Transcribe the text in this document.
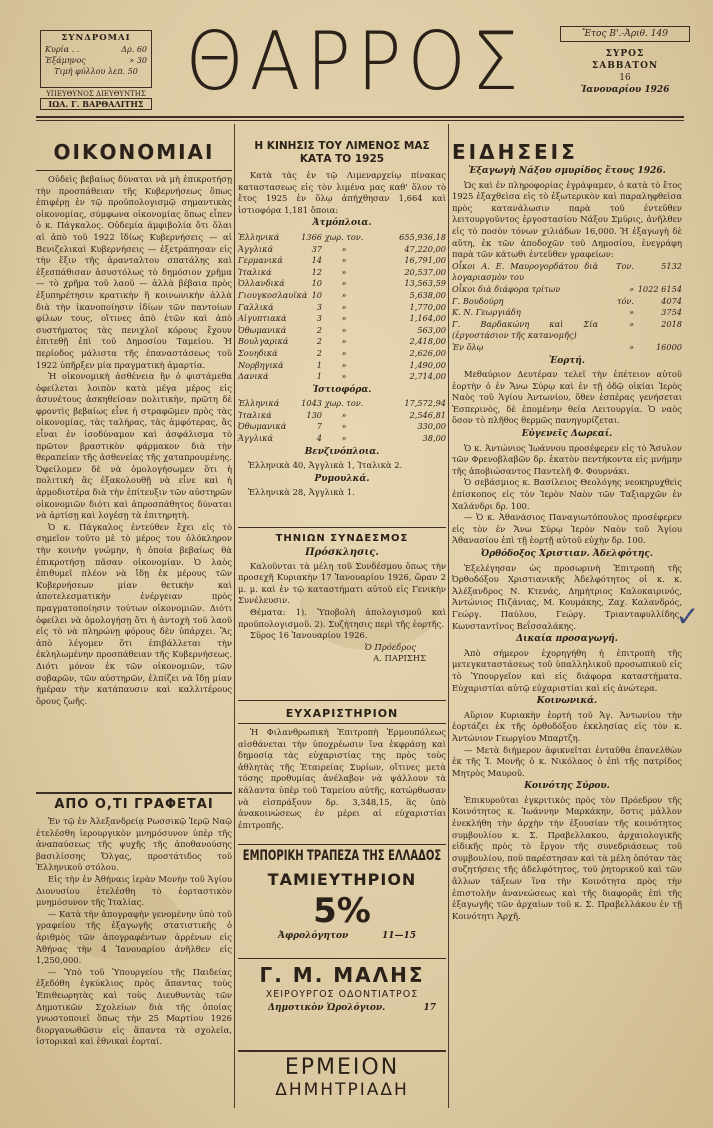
ΣΥΝΔΡΟΜΑΙ
Κυρία . .	Δρ. 60
Ἐξάμηνος	» 30
Τιμή φύλλου λεπ. 50
ΥΠΕΥΘΥΝΟΣ ΔΙΕΥΘΥΝΤΗΣ
ΙΩΑ. Γ. ΒΑΡΘΑΛΙΤΗΣ ΘΑΡΡΟΣ	Ἔτος Β'.-Ἀριθ. 149
ΣΥΡΟΣ
ΣΑΒΒΑΤΟΝ
16
Ἰανουαρίου 1926
ΟΙΚΟΝΟΜΙΑΙ

Οὐδεὶς βεβαίως δύναται νὰ μὴ ἐπικροτήσῃ τὴν προσπάθειαν τῆς Κυβερνήσεως ὅπως ἐπιφέρῃ ἐν τῷ προϋπολογισμῷ σημαντικὰς οἰκονομίας, σύμφωνα οἰκονομίας ὅπως εἶπεν ὁ κ. Πάγκαλος. Οὐδεμία ἀμφιβολία ὅτι ὅλαι αἱ ἀπὸ τοῦ 1922 ἴδίως Κυβερνήσεις — αἱ Βενιζελικαὶ Κυβερνήσεις — ἐξετράπησαν εἰς τὴν ἕξιν τῆς ἀρανταλτου σπατάλης καὶ ἐξεσπάθισαν ἀσυστόλως τὸ δημόσιον χρῆμα — τὸ χρῆμα τοῦ λαοῦ — ἀλλὰ βέβαια πρὸς ἐξυπηρέτησιν κρατικὴν ἢ κοινωνικὴν ἀλλὰ διὰ τὴν ἱκανοποίησιν ἰδίων τῶν παντοίων φίλων τους, οἵτινες ἀπὸ ἐτῶν καὶ ἀπὸ συστήματος τὰς πενιχλοῖ κόρους ἔχουν ἐπιτεθῇ ἐπὶ τοῦ Δημοσίου Ταμείου. Ἡ περίοδος μάλιστα τῆς ἐπαναστάσεως τοῦ 1922 ὑπῆρξεν μία πραγματικὴ ἀμαρτία.

Ἡ οἰκονομικὴ ἀσθένεια ἣν ὁ φιστάμεθα ὀφείλεται λοιπὸν κατὰ μέγα μέρος εἰς ἀσυνέτους ἀσκηθείσαν πολιτικὴν, πρῶτη δὲ φροντὶς βεβαίως εἶνε ἡ στραφῶμεν πρὸς τὰς οἰκονομίας, τὰς ταλήρας, τὰς ἀμφότερας, ἃς εἶναι ἐν ἰσοδύναμον καὶ ἀσφάλισμα τὸ πρῶτον βραστικὸν φάρμακον διὰ τὴν θεραπείαν τῆς ἀσθενείας τῆς χαταπρουμένης. Ὀφείλομεν δὲ νὰ ὁμολογήσωμεν ὅτι ἡ πολιτικὴ ἂς ἐξακολουθῇ νὰ εἶνε καὶ ἡ ἀρμοδιοτέρα διὰ τὴν ἐπίτευξιν τῶν αὐστηρῶν οἰκονομιῶν διότι καὶ ἀπροσπάθητος δύναται νὰ ἀρτίσῃ καὶ λογέσῃ τὰ ἐπιτηρητὴ.

Ὁ κ. Πάγκαλος ἐντεύθεν ἔχει εἰς τὸ σημεῖον τοῦτο μὲ τὸ μέρος του ὁλόκληρον τὴν κοινὴν γνώμην, ἡ ὁποία βεβαίως θὰ ἐπικροτήσῃ πᾶσαν οἰκονομίαν. Ὁ λαὸς ἐπιθυμεῖ πλέον νὰ ἴδῃ ἐκ μέρους τῶν Κυβερνήσεων μίαν θετικὴν καὶ ἀποτελεσματικὴν ἐνέργειαν πρὸς πραγματοποίησιν τούτων οἰκονομιῶν. Διότι ὀφείλει νὰ ὁμολογήσῃ ὅτι ἡ ἀντοχὴ τοῦ λαοῦ εἰς τὸ νὰ πληρώνῃ φόρους δὲν ὑπάρχει. Ἂς ἀπὸ λέγομεν ὅτι ἐπιβάλλεται τὴν ἐκληλωμένην προσπάθειαν τῆς Κυβερνήσεως. Διότι μόνον ἐκ τῶν οἰκονομιῶν, τῶν σοβαρῶν, τῶν αὐστηρῶν, ἐλπίζει νὰ ἴδῃ μίαν ἡμέραν τὴν κατάπαυσιν καὶ καλλιτέρους ὅρους ζωῆς.

ΑΠΟ Ο,ΤΙ ΓΡΑΦΕΤΑΙ

Ἐν τῷ ἐν Ἀλεξανδρείᾳ Ρωσσικῷ Ἱερῷ Ναῷ ἐτελέσθη ἱερουργικὸν μνημόσυνον ὑπὲρ τῆς ἀναπαύσεως τῆς ψυχῆς τῆς ἀποθανούσης βασιλίσσης Ὄλγας, προστάτιδος τοῦ Ἑλληνικοῦ στόλου.

Εἰς τὴν ἐν Ἀθήναις ἱερὰν Μονὴν τοῦ Ἁγίου Διονυσίου ἐτελέσθη τὸ ἑορταστικὸν μνημόσυνον τῆς Ἰταλίας.

— Κατὰ τὴν ἀπογραφὴν γενομένην ὑπὸ τοῦ γραφείου τῆς ἐξαγωγῆς στατιστικῆς ὁ ἀριθμὸς τῶν ἀπογραφέντων ἀρρένων εἰς Ἀθήνας τὴν 4 Ἰανουαρίου ἀνῆλθεν εἰς 1,250,000.

— Ὑπὸ τοῦ Ὑπουργείου τῆς Παιδείας ἐξεδόθη ἐγκύκλιος πρὸς ἅπαντας τοὺς Ἐπιθεωρητὰς καὶ τοὺς Διευθυντὰς τῶν Δημοτικῶν Σχολείων διὰ τῆς ὁποίας γνωστοποιεῖ ὅπως τὴν 25 Μαρτίου 1926 διοργανωθῶσιν εἰς ἅπαντα τὰ σχολεῖα, ἱστορικαὶ καὶ ἐθνικαὶ ἑορταί.

Η ΚΙΝΗΣΙΣ ΤΟΥ ΛΙΜΕΝΟΣ ΜΑΣ ΚΑΤΑ ΤΟ 1925

Κατὰ τὰς ἐν τῷ Λιμεναρχείῳ πίνακας καταστασεως εἰς τὸν λιμένα μας καθ' ὅλον τὸ ἔτος 1925 ἐν ὅλῳ ἀπήχθησαν 1,664 καὶ ἱστιοφόρα 1,181 ὅποια:

Ἀτμόπλοια.
Ἑλληνικά	1366 χωρ. τον.	655,936,18
Ἀγγλικά	37	»	47,220,00
Γερμανικά	14	»	16,791,00
Ἰταλικά	12	»	20,537,00
Ὀλλανδικά	10	»	13,563,59
Γιουγκοσλαυϊκά 10	»	5,638,00
Γαλλικά	3	»	1,770,00
Αἰγυπτιακά	3	»	1,164,00
Ὀθωμανικά	2	»	563,00
Βουλγαρικά	2	»	2,418,00
Σουηδικά	2	»	2,626,00
Νορβηγικά	1	»	1,490,00
Δανικά	1	»	2,714,00
Ἱστιοφόρα.
Ἑλληνικά	1043 χωρ. τον.	17,572,94
Ἰταλικά	130	»	2,546,81
Ὀθωμανικά	7	»	330,00
Ἀγγλικά	4	»	38,00
Βενζινόπλοια.
Ἑλληνικὰ 40, Ἀγγλικὰ 1, Ἰταλικὰ 2.
Ρυμουλκά.
Ἑλληνικὰ 28, Ἀγγλικὰ 1.
ΤΗΝΙΩΝ ΣΥΝΔΕΣΜΟΣ
Πρόσκλησις.

Καλοῦνται τὰ μέλη τοῦ Συνδέσμου ὅπως τὴν προσεχῆ Κυριακὴν 17 Ἰανουαρίου 1926, ὥραν 2 μ. μ. καὶ ἐν τῷ καταστήματι αὐτοῦ εἰς Γενικὴν Συνέλευσιν.

Θέματα: 1). Ὑποβολὴ ἀπολογισμοῦ καὶ προϋπολογισμοῦ. 2). Συζήτησις περὶ τῆς ἑορτῆς.

Σῦρος 16 Ἰανουαρίου 1926.

Ὁ Πρόεδρος
Α. ΠΑΡΙΣΗΣ
ΕΥΧΑΡΙΣΤΗΡΙΟΝ

Ἡ Φιλανθρωπικὴ Ἐπιτροπὴ Ἑρμουπόλεως αἰσθάνεται τὴν ὑποχρέωσιν ἵνα ἐκφράσῃ καὶ δημοσίᾳ τὰς εὐχαριστίας της πρὸς τοὺς ἀθλητὰς τῆς Ἑταιρείας Συρίων, οἵτινες μετὰ τόσης προθυμίας ἀνέλαβον νὰ ψάλλουν τὰ κάλαντα ὑπὲρ τοῦ Ταμείου αὐτῆς, κατώρθωσαν νὰ εἰσπράξουν δρ. 3,348,15, ἃς ὑπὸ ἀνακοινώσεως ἐν μέρει αἱ εὐχαριστίαι ἐπιτροπῆς.

ΕΜΠΟΡΙΚΗ ΤΡΑΠΕΖΑ ΤΗΣ ΕΛΛΑΔΟΣ
ΤΑΜΙΕΥΤΗΡΙΟΝ
5%
Ἀφρολόγητον	11—15
Γ. Μ. ΜΑΛΗΣ
ΧΕΙΡΟΥΡΓΟΣ ΟΔΟΝΤΙΑΤΡΟΣ
Δημοτικὸν Ὡρολόγιον.	17
ΕΙΔΗΣΕΙΣ
Ἐξαγωγὴ Νάξου σμυρίδος ἔτους 1926.

Ὡς καὶ ἐν πληροφορίας ἐγράψαμεν, ὁ κατὰ τὸ ἔτος 1925 ἐξαχθεὶσα εἰς τὸ ἐξωτερικὸν καὶ παραληφθεὶσα πρὸς κατανάλωσιν παρὰ τοῦ ἐντεῦθεν λειτουργοῦντος ἐργοστασίου Νάξου Σμύρις, ἀνῆλθεν εἰς τὸ ποσὸν τόνων χιλιάδων 16,000. Ἡ ἐξαγωγὴ δὲ αὕτη, ἐκ τῶν ἀποδοχῶν τοῦ Δημοσίου, ἐνεγράφη παρὰ τῶν κάτωθι ἐντεῦθεν γραφείων:

Οἶκοι Α. Ε. Μαυρογορδάτου διὰ λογαριασμὸν του
Τον.	5132
Οἶκοι διὰ διάφορα τρίτων	» 1022 6154
Γ. Βουδούρη	τόν.	4074
Κ. Ν. Γεωργιάδη	»	3754
Γ. Βαρδακώνη καὶ Σία (ἐργοστάσιον τῆς κατανομῆς)
»	2018
Ἐν ὅλῳ	»	16000
Ἑορτή.

Μεθαύριον Δευτέραν τελεῖ τὴν ἐπέτειον αὐτοῦ ἑορτὴν ὁ ἐν Ἄνω Σύρῳ καὶ ἐν τῇ ὁδῷ οἰκίαι Ἱερὸς Ναὸς τοῦ Ἁγίου Ἀντωνίου, ὅθεν ἐσπέρας γενήσεται Ἑσπερινὸς, δὲ ἐπομένην θεία Λειτουργία. Ὁ ναὸς ὅσον τὸ πλῆθος θερμῶς πανηγυρίζεται.

Εὐγενεῖς Δωρεαί.

Ὁ κ. Ἀντώνιος Ἰωάννου προσέφερεν εἰς τὸ Ἄσυλον τῶν Φρενοβλαβῶν δρ. ἑκατὸν πεντήκοντα εἰς μνήμην τῆς ἀποβιώσαντος Παντελῆ Φ. Φουρνάκι.

Ὁ σεβάσμιος κ. Βασίλειος Θεολόγης νεοκηρυχθεὶς ἐπίσκοπος εἰς τὸν Ἱερὸν Ναὸν τῶν Ταξιαρχῶν ἐν Χαλάνδρι δρ. 100.

— Ὁ κ. Ἀθανάσιος Παναγιωτόπουλος προσέφερεν εἰς τὸν ἐν Ἄνω Σύρῳ Ἱερὸν Ναὸν τοῦ Ἁγίου Ἀθανασίου ἐπὶ τῇ ἑορτῇ αὐτοῦ εὐχὴν δρ. 100.

Ὀρθόδοξος Χριστιαν. Ἀδελφότης.

Ἐξελέγησαν ὡς προσωρινὴ Ἐπιτροπὴ τῆς Ὀρθοδόξου Χριστιανικῆς Ἀδελφότητος οἱ κ. κ. Ἀλέξανδρος Ν. Κτενάς, Δημήτριος Καλοκαιρινός, Ἀντώνιος Πιζάνιας, Μ. Κουμάκης, Ζαχ. Καλανδρός, Γεώργ. Παύλου, Γεώργ. Τριανταφυλλίδης, Κωνσταντῖνος Βεΐσσαλάκης.

Δικαία προσαγωγή.

Ἀπὸ σήμερον ἐχορηγήθη ἡ ἐπιτροπὴ τῆς μετεγκαταστάσεως τοῦ ὑπαλληλικοῦ προσωπικοῦ εἰς τὸ Ὑπουργεῖον καὶ εἰς διάφορα καταστήματα. Εὐχαριστίαι αὐτῷ εὐχαριστίαι καὶ εἰς ἀνώτερα.

Κοινωνικά.

Αὔριον Κυριακὴν ἑορτὴ τοῦ Ἁγ. Ἀντωνίου τὴν ἑορτάζει ἐκ τῆς ὀρθοδόξου ἐκκλησίας εἰς τὸν κ. Ἀντώνιον Γεωργίου Μπαρτζη.

— Μετὰ διήμερον ἀφικνεῖται ἐνταῦθα ἐπανελθὼν ἐκ τῆς Ἰ. Μονῆς ὁ κ. Νικόλαος ὁ ἐπὶ τῆς πατρίδος Μητρὸς Μαυροῦ.

Κοινότης Σύρου.

Ἐπικυροῦται ἐγκριτικὸς πρὸς τὸν Πρόεδρον τῆς Κοινότητος κ. Ἰωάννην Μαρκάκην, ὅστις μάλλον ἐνεκλήθη τὴν ἀρχὴν τὴν ἐξουσίαν τῆς κοινότητος συμβουλίου κ. Σ. Πραβελλακου, ἀρχαιολογικῆς εἰδικῆς πρὸς τὸ ἔργον τῆς συνεδριάσεως τοῦ συμβουλίου, ποῦ παρέστησαν καὶ τὰ μέλη ὁπόταν τὰς συζητήσεις τῆς ἀδελφότητος, τοῦ ῥητορικοῦ καὶ τῶν ἄλλων τάξεων ἵνα τὴν Κοινότητα πρὸς τὴν ἐπιστολὴν ἀνανεώσεως καὶ τῆς διαφορᾶς ἐπὶ τῆς ἐξαγωγῆς τῶν ἀρχαίων τοῦ κ. Σ. Πραβελλάκου ἐν τῇ Κοινότητι Ἀρχῆ.

ΕΡΜΕΙΟΝ
ΔΗΜΗΤΡΙΑΔΗ
✓
